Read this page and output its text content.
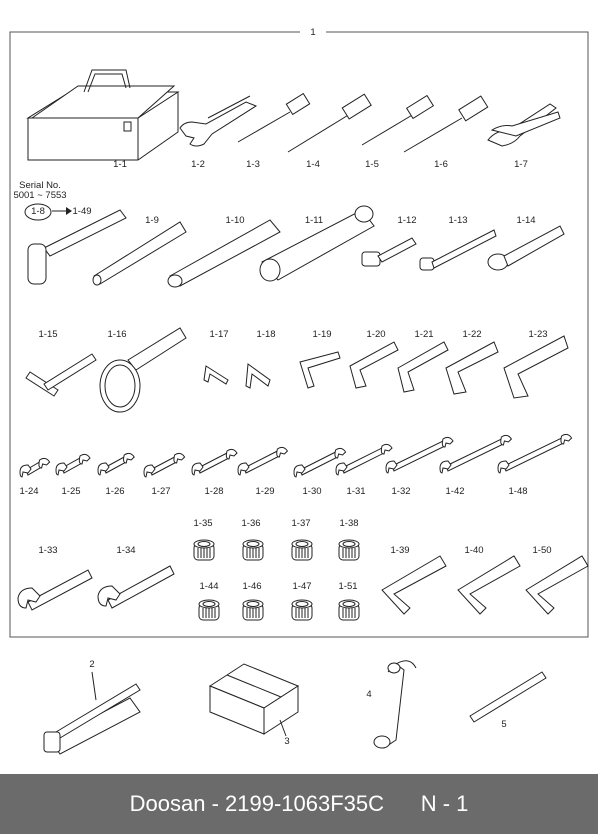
1
1-1	1-2	1-3	1-4	1-5	1-6	1-7
Serial No.
5001 ~ 7553
1-8	1-49
1-9	1-10	1-11	1-12	1-13	1-14
1-15	1-16	1-17	1-18	1-19	1-20	1-21	1-22	1-23
1-24 1-25	1-26	1-27	1-28	1-29	1-30	1-31	1-32	1-42	1-48
1-35	1-36	1-37	1-38
1-33	1-34	1-39	1-40	1-50
1-44	1-46	1-47	1-51
2
3
4
5
Doosan
-
2199-1063F35C
N - 1
